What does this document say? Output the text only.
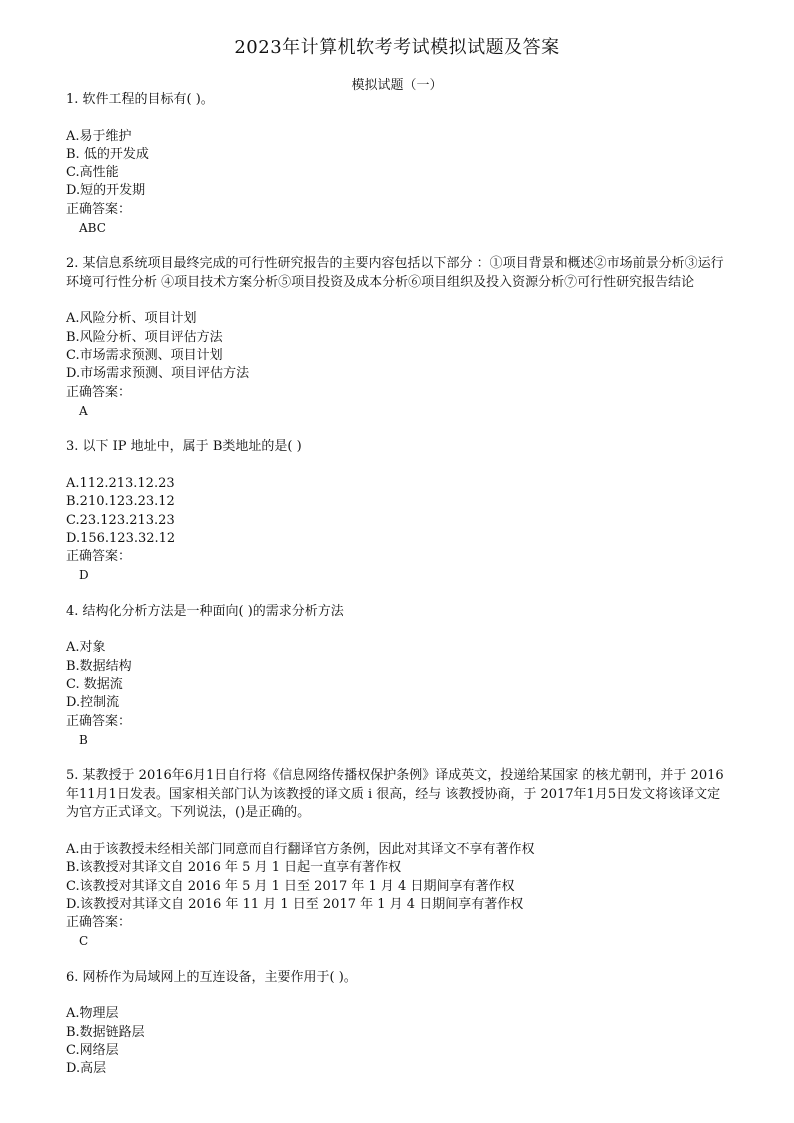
2023年计算机软考考试模拟试题及答案
模拟试题（一）
1. 软件工程的目标有( )。
A.易于维护
B. 低的开发成
C.高性能
D.短的开发期
正确答案：
ABC
2. 某信息系统项目最终完成的可行性研究报告的主要内容包括以下部分 ：①项目背景和概述②市场前景分析③运行环境可行性分析 ④项目技术方案分析⑤项目投资及成本分析⑥项目组织及投入资源分析⑦可行性研究报告结论
A.风险分析、项目计划
B.风险分析、项目评估方法
C.市场需求预测、项目计划
D.市场需求预测、项目评估方法
正确答案：
A
3. 以下 IP 地址中，属于 B类地址的是( )
A.112.213.12.23
B.210.123.23.12
C.23.123.213.23
D.156.123.32.12
正确答案：
D
4. 结构化分析方法是一种面向( )的需求分析方法
A.对象
B.数据结构
C. 数据流
D.控制流
正确答案：
B
5. 某教授于 2016年6月1日自行将《信息网络传播权保护条例》译成英文，投递给某国家 的核尤朝刊，并于 2016年11月1日发表。国家相关部门认为该教授的译文质 i 很高，经与 该教授协商，于 2017年1月5日发文将该译文定为官方正式译文。下列说法，()是正确的。
A.由于该教授未经相关部门同意而自行翻译官方条例，因此对其译文不享有著作权
B.该教授对其译文自 2016 年 5 月 1 日起一直享有著作权
C.该教授对其译文自 2016 年 5 月 1 日至 2017 年 1 月 4 日期间享有著作权
D.该教授对其译文自 2016 年 11 月 1 日至 2017 年 1 月 4 日期间享有著作权
正确答案：
C
6. 网桥作为局域网上的互连设备，主要作用于( )。
A.物理层
B.数据链路层
C.网络层
D.高层
